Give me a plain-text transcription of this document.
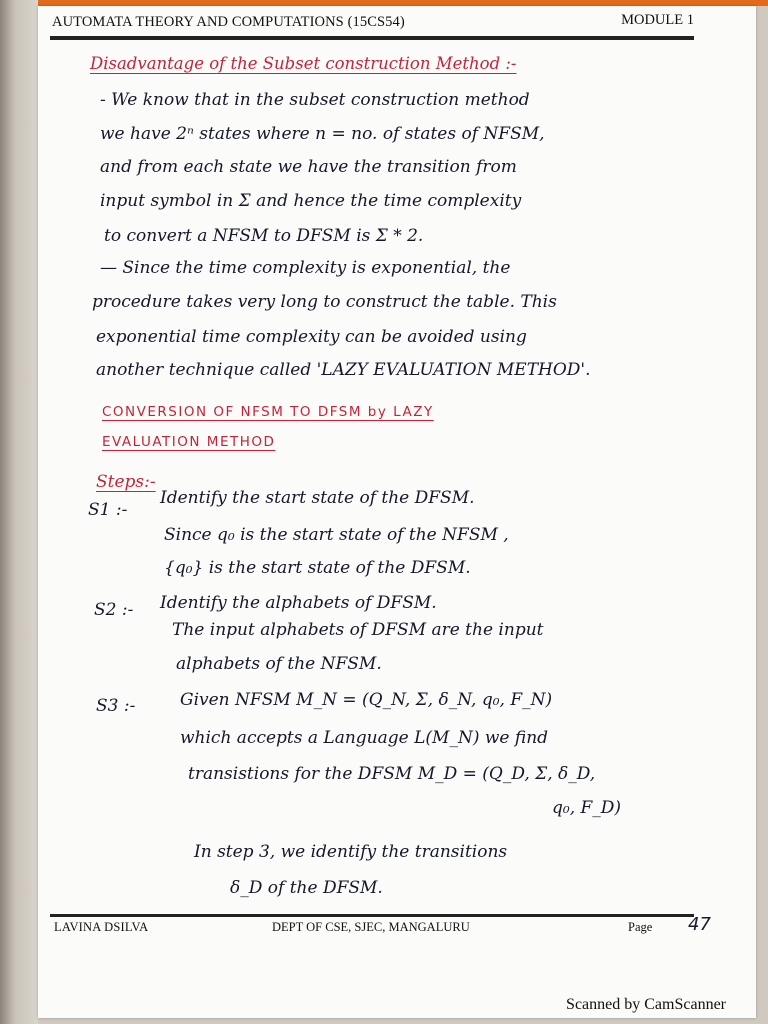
AUTOMATA THEORY AND COMPUTATIONS (15CS54)	MODULE 1
Disadvantage of the Subset construction Method :-
- We know that in the subset construction method
we have 2ⁿ states where n = no. of states of NFSM,
and from each state we have the transition from
input symbol in Σ and hence the time complexity
to convert a NFSM to DFSM is Σ * 2.
— Since the time complexity is exponential, the
procedure takes very long to construct the table. This
exponential time complexity can be avoided using
another technique called 'LAZY EVALUATION METHOD'.
CONVERSION OF NFSM TO DFSM by LAZY
EVALUATION METHOD
Steps:-
S1 :-
Identify the start state of the DFSM.
Since q₀ is the start state of the NFSM ,
{q₀} is the start state of the DFSM.
S2 :- Identify the alphabets of DFSM.
The input alphabets of DFSM are the input
alphabets of the NFSM.
S3 :-	Given NFSM M_N = (Q_N, Σ, δ_N, q₀, F_N)
which accepts a Language L(M_N) we find
transistions for the DFSM M_D = (Q_D, Σ, δ_D,
q₀, F_D)
In step 3, we identify the transitions
δ_D of the DFSM.
LAVINA DSILVA	DEPT OF CSE, SJEC, MANGALURU	Page 47
Scanned by CamScanner
